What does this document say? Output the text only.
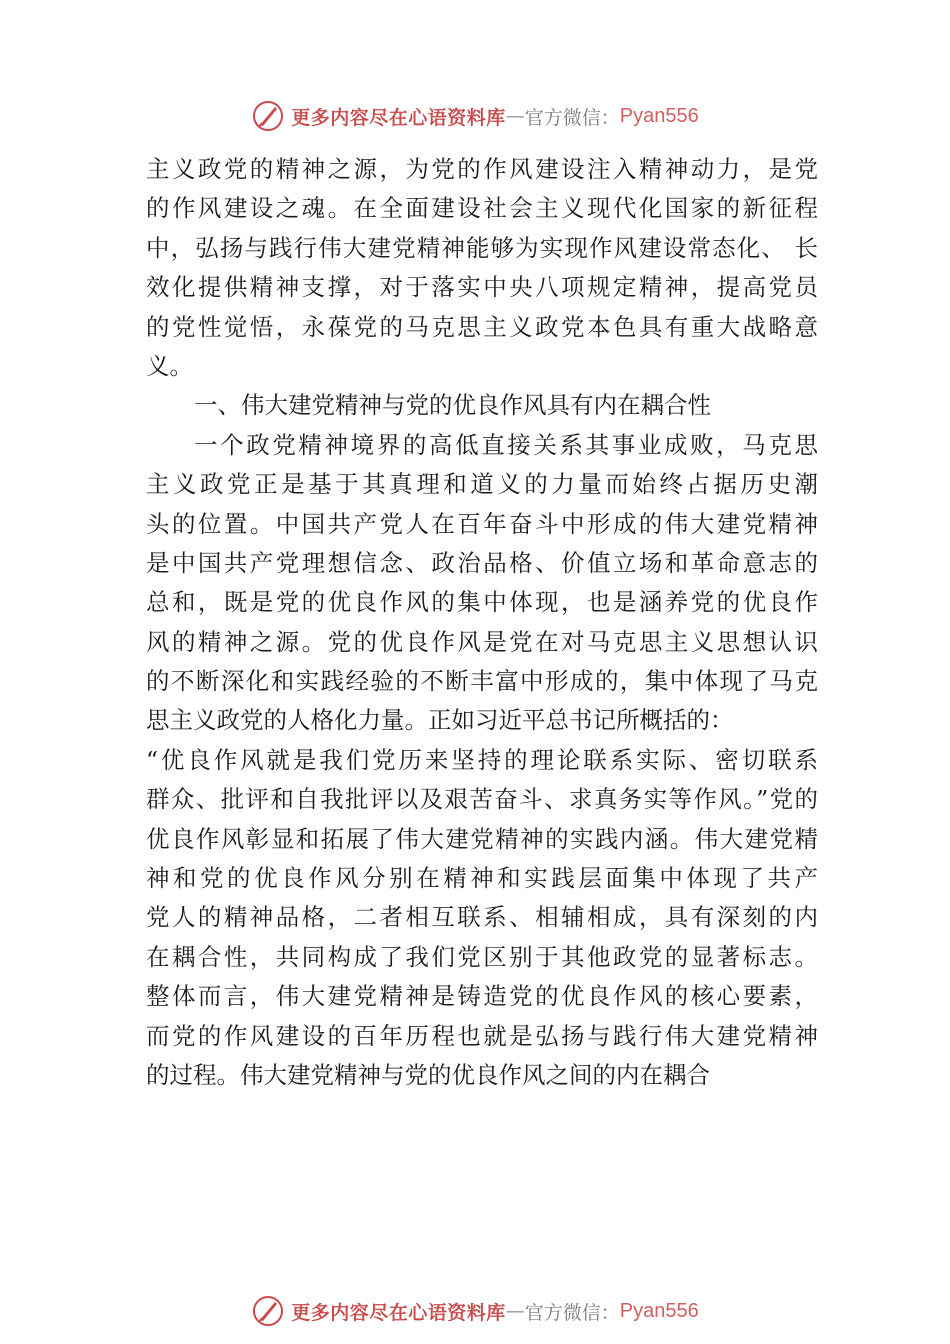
更多内容尽在心语资料库 — 官方微信： Pyan556
主义政党的精神之源，为党的作风建设注入精神动力，是党
的作风建设之魂。在全面建设社会主义现代化国家的新征程
中，弘扬与践行伟大建党精神能够为实现作风建设常态化、 长
效化提供精神支撑，对于落实中央八项规定精神，提高党员
的党性觉悟，永葆党的马克思主义政党本色具有重大战略意
义。
一、伟大建党精神与党的优良作风具有内在耦合性
一个政党精神境界的高低直接关系其事业成败，马克思
主义政党正是基于其真理和道义的力量而始终占据历史潮
头的位置。中国共产党人在百年奋斗中形成的伟大建党精神
是中国共产党理想信念、政治品格、价值立场和革命意志的
总和，既是党的优良作风的集中体现，也是涵养党的优良作
风的精神之源。党的优良作风是党在对马克思主义思想认识
的不断深化和实践经验的不断丰富中形成的，集中体现了马克
思主义政党的人格化力量。正如习近平总书记所概括的：
“优良作风就是我们党历来坚持的理论联系实际、密切联系
群众、批评和自我批评以及艰苦奋斗、求真务实等作风。”党的
优良作风彰显和拓展了伟大建党精神的实践内涵。伟大建党精
神和党的优良作风分别在精神和实践层面集中体现了共产
党人的精神品格，二者相互联系、相辅相成，具有深刻的内
在耦合性，共同构成了我们党区别于其他政党的显著标志。
整体而言，伟大建党精神是铸造党的优良作风的核心要素，
而党的作风建设的百年历程也就是弘扬与践行伟大建党精神
的过程。伟大建党精神与党的优良作风之间的内在耦合
更多内容尽在心语资料库 — 官方微信： Pyan556
